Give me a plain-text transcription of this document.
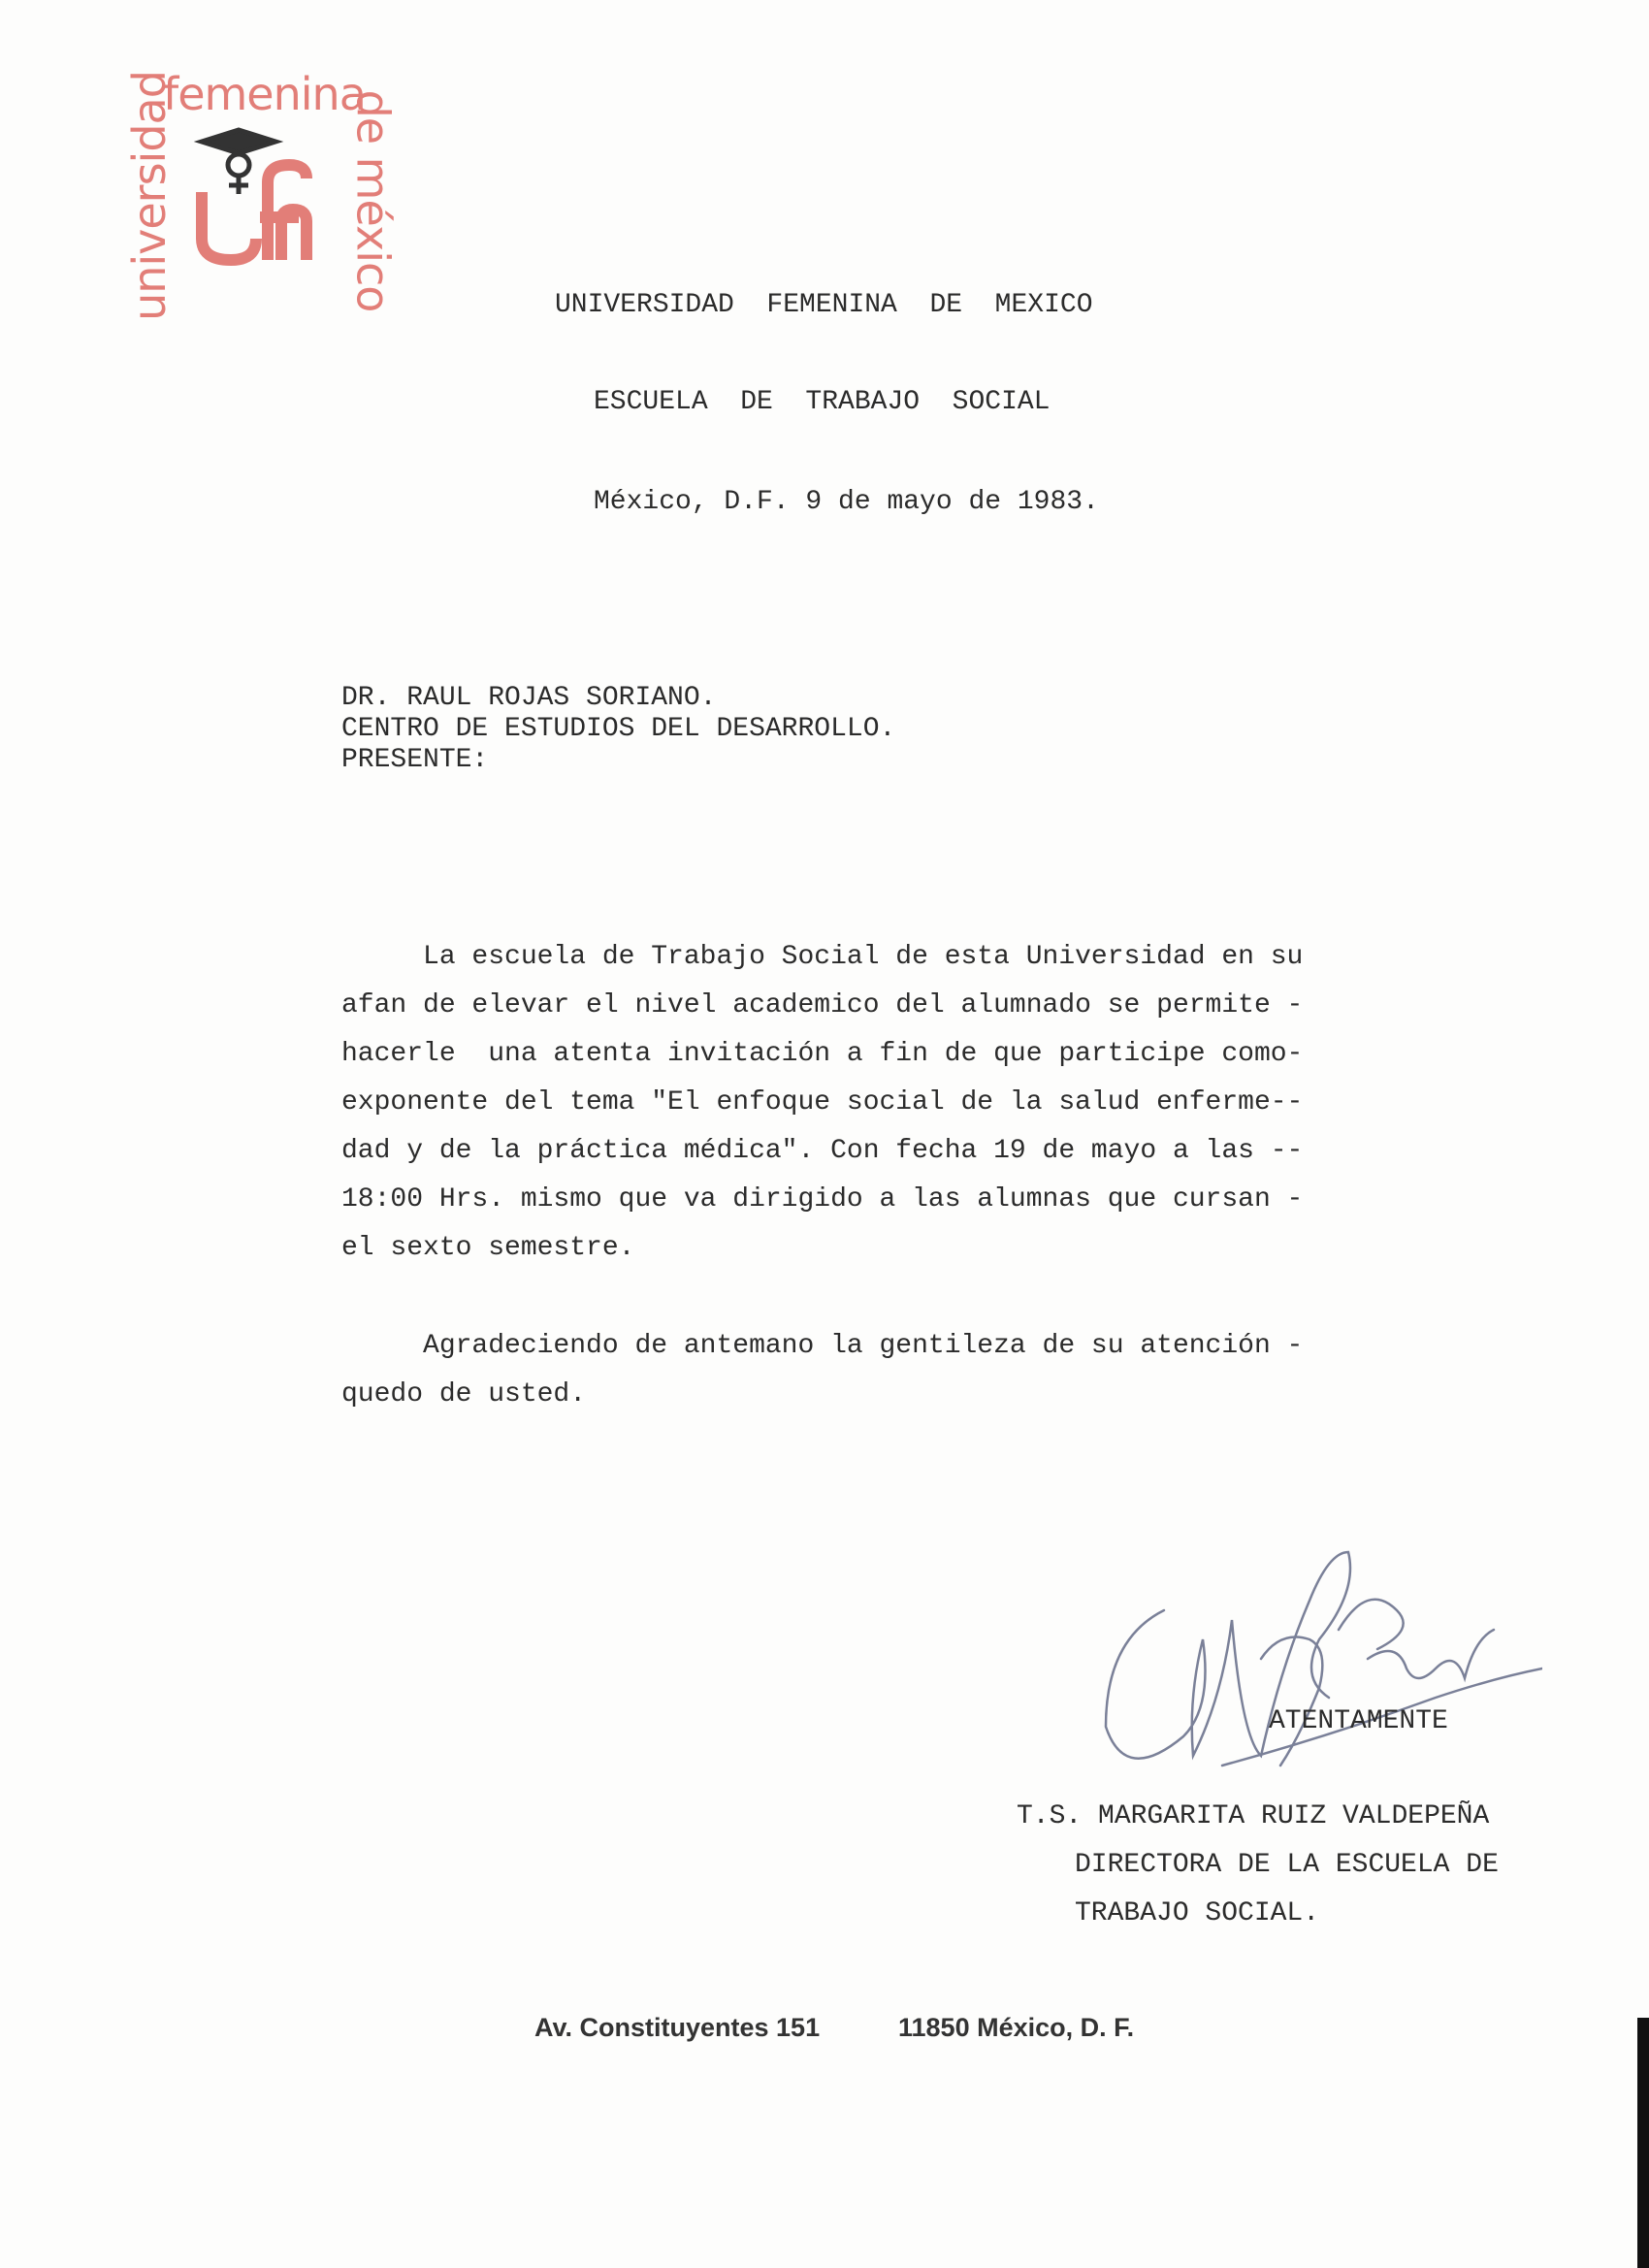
femenina
universidad	de méxico	UNIVERSIDAD  FEMENINA  DE  MEXICO
ESCUELA  DE  TRABAJO  SOCIAL
México, D.F. 9 de mayo de 1983.

DR. RAUL ROJAS SORIANO.

CENTRO DE ESTUDIOS DEL DESARROLLO.

PRESENTE:

La escuela de Trabajo Social de esta Universidad en su

afan de elevar el nivel academico del alumnado se permite -

hacerle  una atenta invitación a fin de que participe como-

exponente del tema "El enfoque social de la salud enferme--

dad y de la práctica médica". Con fecha 19 de mayo a las --

18:00 Hrs. mismo que va dirigido a las alumnas que cursan -

el sexto semestre.

Agradeciendo de antemano la gentileza de su atención -

quedo de usted.

ATENTAMENTE
T.S. MARGARITA RUIZ VALDEPEÑA
DIRECTORA DE LA ESCUELA DE
TRABAJO SOCIAL.
Av. Constituyentes 151	11850 México, D. F.
